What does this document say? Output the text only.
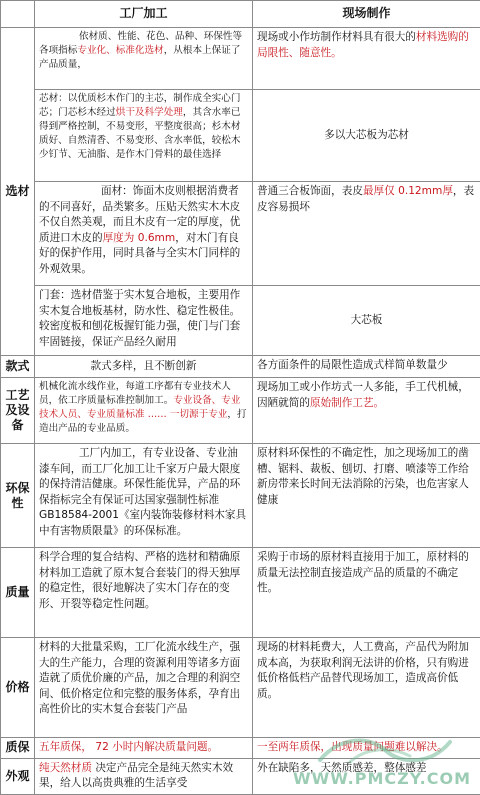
	工厂加工	现场制作
选材	依材质、性能、花色、品种、环保性等各项指标专业化、标准化选材，从根本上保证了产品质量，	现场或小作坊制作材料具有很大的材料选购的局限性、随意性。
	芯材：以优质杉木作门的主芯，制作成全实心门芯；门芯杉木经过烘干及科学处理，其含水率已得到严格控制，不易变形，平整度很高；杉木材质好、自然清香、不易变形、含水率低，较松木少钉节、无油脂、是作木门骨料的最佳选择	多以大芯板为芯材
	面材：饰面木皮则根据消费者的不同喜好，品类繁多。压贴天然实木木皮不仅自然美观，而且木皮有一定的厚度，优质进口木皮的厚度为 0.6mm，对木门有良好的保护作用，同时具备与全实木门同样的外观效果。	普通三合板饰面，表皮最厚仅 0.12mm厚，表皮容易损坏
	门套：选材借鉴于实木复合地板，主要用作实木复合地板基材，防水性、稳定性极佳。较密度板和刨花板握钉能力强，使门与门套牢固链接，保证产品经久耐用	大芯板
款式	款式多样，且不断创新	各方面条件的局限性造成式样简单数量少
工艺及设备	机械化流水线作业，每道工序都有专业技术人员，依工序质量标准控制加工。专业设备、专业技术人员、专业质量标准 …… 一切源于专业，打造出产品的专业品质。	现场加工或小作坊式一人多能，手工代机械，因陋就简的原始制作工艺。
环保性	工厂内加工，有专业设备、专业油漆车间，而工厂化加工让千家万户最大限度的保持清洁健康。环保性能优异，产品的环保指标完全有保证可达国家强制性标准 GB18584-2001《室内装饰装修材料木家具中有害物质限量》的环保标准。	原材料环保性的不确定性，加之现场加工的凿槽、锯料、裁板、刨切、打磨、喷漆等工作给新房带来长时间无法消除的污染，也危害家人健康
质量	科学合理的复合结构、严格的选材和精确原材料加工造就了原木复合套装门的得天独厚的稳定性，很好地解决了实木门存在的变形、开裂等稳定性问题。	采购于市场的原材料直接用于加工，原材料的质量无法控制直接造成产品的质量的不确定性。
价格	材料的大批量采购，工厂化流水线生产，强大的生产能力，合理的资源利用等诸多方面造就了质优价廉的产品，加之合理的利润空间、低价格定位和完整的服务体系，孕育出高性价比的实木复合套装门产品	现场的材料耗费大，人工费高，产品代为附加成本高，为获取利润无法讲的价格，只有购进低价格低档产品替代现场加工，造成高价低质。
质保	五年质保， 72 小时内解决质量问题。	一至两年质保，出现质量问题难以解决。
外观	纯天然材质 决定产品完全是纯天然实木效果，给人以高贵典雅的生活享受	外在缺陷多，天然质感差，整体感差
WWW.PMCZY.COM
